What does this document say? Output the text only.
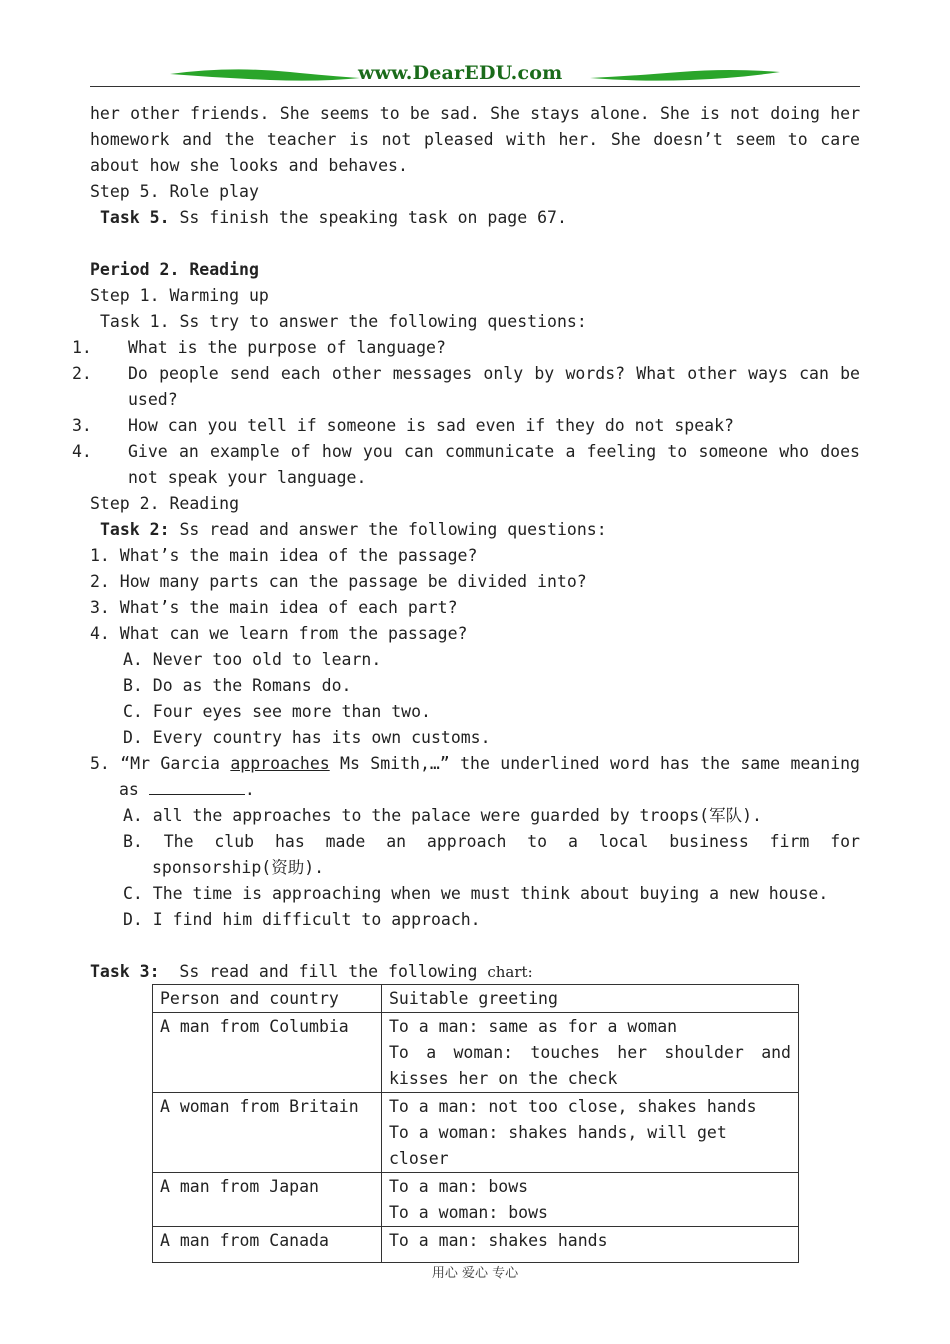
www.DearEDU.com

her other friends. She seems to be sad. She stays alone. She is not doing her homework and the teacher is not pleased with her. She doesn’t seem to care about how she looks and behaves.

Step 5. Role play

Task 5. Ss finish the speaking task on page 67.

Period 2. Reading

Step 1. Warming up

Task 1. Ss try to answer the following questions:

1. What is the purpose of language?

2. Do people send each other messages only by words? What other ways can be used?

3. How can you tell if someone is sad even if they do not speak?

4. Give an example of how you can communicate a feeling to someone who does not speak your language.

Step 2. Reading

Task 2: Ss read and answer the following questions:

1. What’s the main idea of the passage?

2. How many parts can the passage be divided into?

3. What’s the main idea of each part?

4. What can we learn from the passage?

A. Never too old to learn.

B. Do as the Romans do.

C. Four eyes see more than two.

D. Every country has its own customs.

5. “Mr Garcia approaches Ms Smith,…” the underlined word has the same meaning as	.

A. all the approaches to the palace were guarded by troops(军队).

B. The club has made an approach to a local business firm for sponsorship(资助).

C. The time is approaching when we must think about buying a new house.

D. I find him difficult to approach.

Task 3:  Ss read and fill the following chart:

Person and country	Suitable greeting
A man from Columbia	To a man: same as for a woman
To a woman: touches her shoulder and kisses her on the check

A woman from Britain	To a man: not too close, shakes hands
To a woman: shakes hands, will get closer

A man from Japan	To a man: bows
To a woman: bows

A man from Canada	To a man: shakes hands
用心 爱心 专心
